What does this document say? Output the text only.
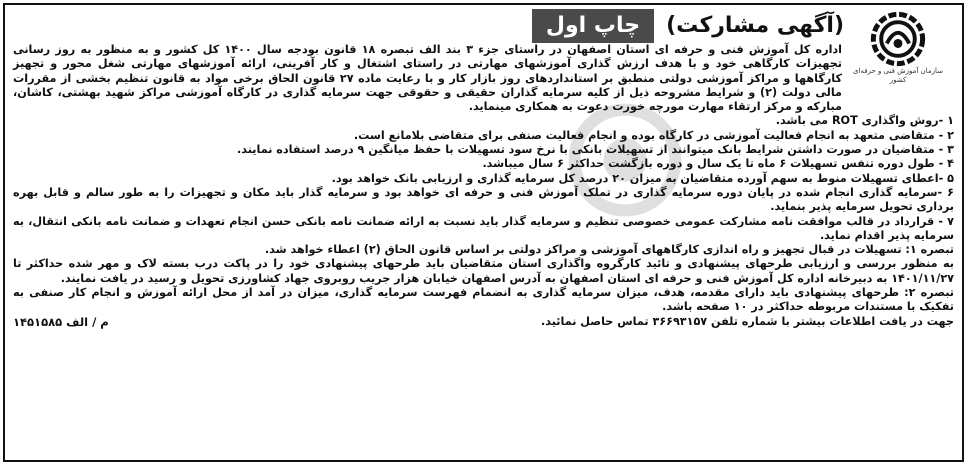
(آگهی مشارکت)
چاپ اول
سازمان آموزش فنی و حرفه‌ای کشور

اداره کل آموزش فنی و حرفه ای استان اصفهان در راستای جزء ۳ بند الف تبصره ۱۸ قانون بودجه سال ۱۴۰۰ کل کشور و به منظور به روز رسانی تجهیزات کارگاهی خود و با هدف ارزش گذاری آموزشهای مهارتی در راستای اشتغال و کار آفرینی، ارائه آموزشهای مهارتی شغل محور و تجهیز کارگاهها و مراکز آموزشی دولتی منطبق بر استانداردهای روز بازار کار و با رعایت ماده ۲۷ قانون الحاق برخی مواد به قانون تنظیم بخشی از مقررات مالی دولت (۲) و شرایط مشروحه ذیل از کلیه سرمایه گذاران حقیقی و حقوقی جهت سرمایه گذاری در کارگاه آموزشی مراکز شهید بهشتی، کاشان، مبارکه و مرکز ارتقاء مهارت مورچه خورت دعوت به همکاری مینماید.

۱ -روش واگذاری ROT می باشد.

۲ - متقاضی متعهد به انجام فعالیت آموزشی در کارگاه بوده و انجام فعالیت صنفی برای متقاضی بلامانع است.

۳ - متقاضیان در صورت داشتن شرایط بانک میتوانند از تسهیلات بانکی با نرخ سود تسهیلات با حفظ میانگین ۹ درصد استفاده نمایند.

۴ - طول دوره تنفس تسهیلات ۶ ماه تا یک سال و دوره بازگشت حداکثر ۶ سال میباشد.

۵ -اعطای تسهیلات منوط به سهم آورده متقاضیان به میزان ۲۰ درصد کل سرمایه گذاری و ارزیابی بانک خواهد بود.

۶ -سرمایه گذاری انجام شده در پایان دوره سرمایه گذاری در تملک آموزش فنی و حرفه ای خواهد بود و سرمایه گذار باید مکان و تجهیزات را به طور سالم و قابل بهره برداری تحویل سرمایه پذیر بنماید.

۷ - قرارداد در قالب موافقت نامه مشارکت عمومی خصوصی تنظیم و سرمایه گذار باید نسبت به ارائه ضمانت نامه بانکی حسن انجام تعهدات و ضمانت نامه بانکی انتقال، به سرمایه پذیر اقدام نماید.

تبصره ۱: تسهیلات در قبال تجهیز و راه اندازی کارگاههای آموزشی و مراکز دولتی بر اساس قانون الحاق (۲) اعطاء خواهد شد.

به منظور بررسی و ارزیابی طرحهای پیشنهادی و تائید کارگروه واگذاری استان متقاضیان باید طرحهای پیشنهادی خود را در پاکت درب بسته لاک و مهر شده حداکثر تا ۱۴۰۱/۱۱/۲۷ به دبیرخانه اداره کل آموزش فنی و حرفه ای استان اصفهان به آدرس اصفهان خیابان هزار جریب روبروی جهاد کشاورزی تحویل و رسید در یافت نمایند.

تبصره ۲: طرحهای پیشنهادی باید دارای مقدمه، هدف، میزان سرمایه گذاری به انضمام فهرست سرمایه گذاری، میزان در آمد از محل ارائه آموزش و انجام کار صنفی به تفکیک با مستندات مربوطه حداکثر در ۱۰ صفحه باشد.

جهت در یافت اطلاعات بیشتر با شماره تلفن ۳۶۶۹۳۱۵۷ تماس حاصل نمائید.

م / الف ۱۴۵۱۵۸۵
